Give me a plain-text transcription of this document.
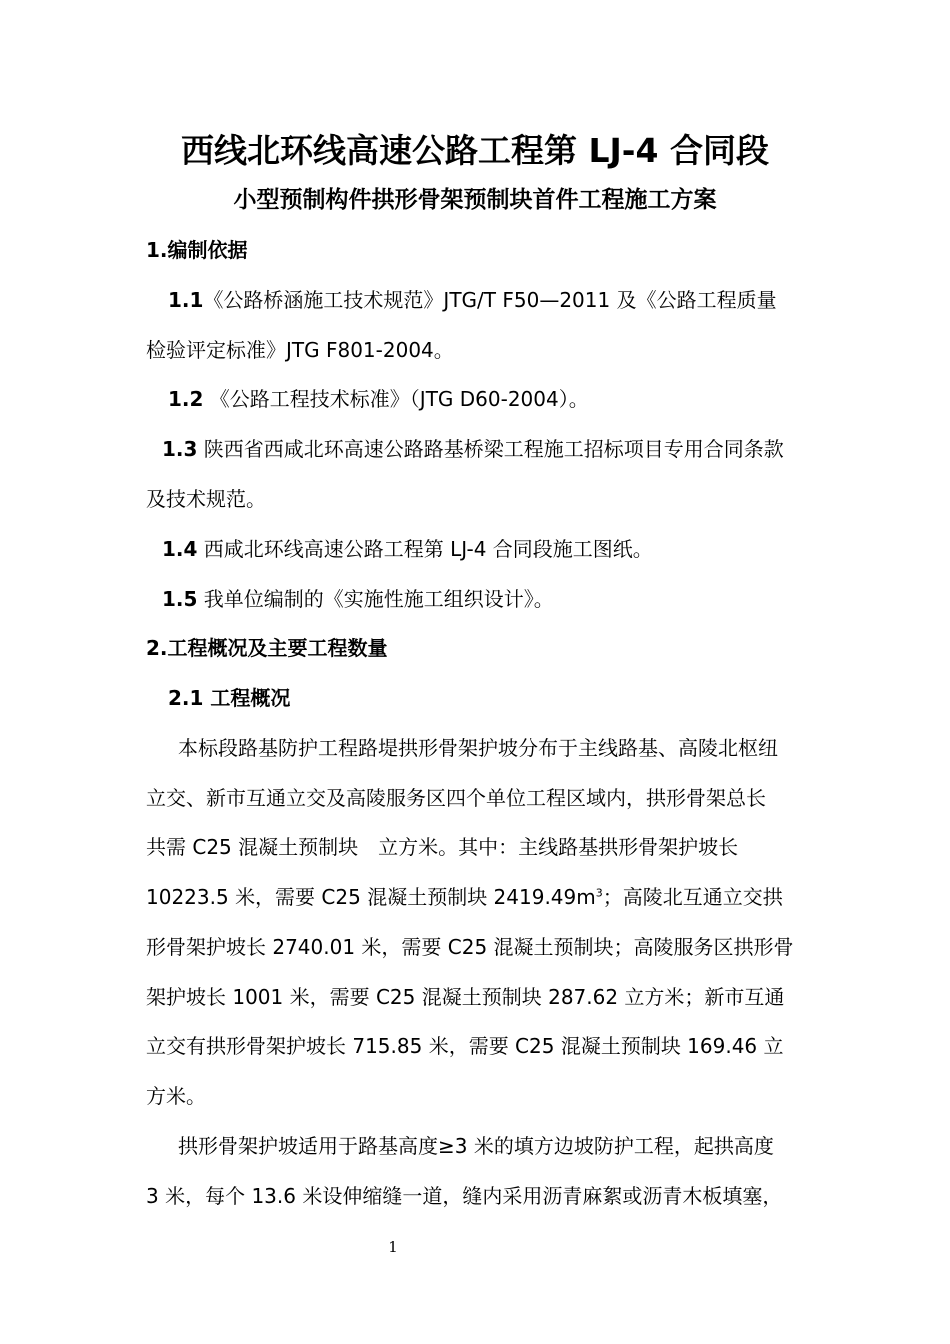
西线北环线高速公路工程第 LJ-4 合同段
小型预制构件拱形骨架预制块首件工程施工方案

1.编制依据

1.1《公路桥涵施工技术规范》JTG/T F50—2011 及《公路工程质量

检验评定标准》JTG F801-2004。

1.2 《公路工程技术标准》（JTG D60-2004）。

1.3 陕西省西咸北环高速公路路基桥梁工程施工招标项目专用合同条款

及技术规范。

1.4 西咸北环线高速公路工程第 LJ-4 合同段施工图纸。

1.5 我单位编制的《实施性施工组织设计》。

2.工程概况及主要工程数量

2.1 工程概况

本标段路基防护工程路堤拱形骨架护坡分布于主线路基、高陵北枢纽

立交、新市互通立交及高陵服务区四个单位工程区域内，拱形骨架总长

共需 C25 混凝土预制块　立方米。其中：主线路基拱形骨架护坡长

10223.5 米，需要 C25 混凝土预制块 $2419.49m^3$；高陵北互通立交拱

形骨架护坡长 2740.01 米，需要 C25 混凝土预制块；高陵服务区拱形骨

架护坡长 1001 米，需要 C25 混凝土预制块 287.62 立方米；新市互通

立交有拱形骨架护坡长 715.85 米，需要 C25 混凝土预制块 169.46 立

方米。

拱形骨架护坡适用于路基高度≥3 米的填方边坡防护工程，起拱高度

3 米，每个 13.6 米设伸缩缝一道，缝内采用沥青麻絮或沥青木板填塞，

1
